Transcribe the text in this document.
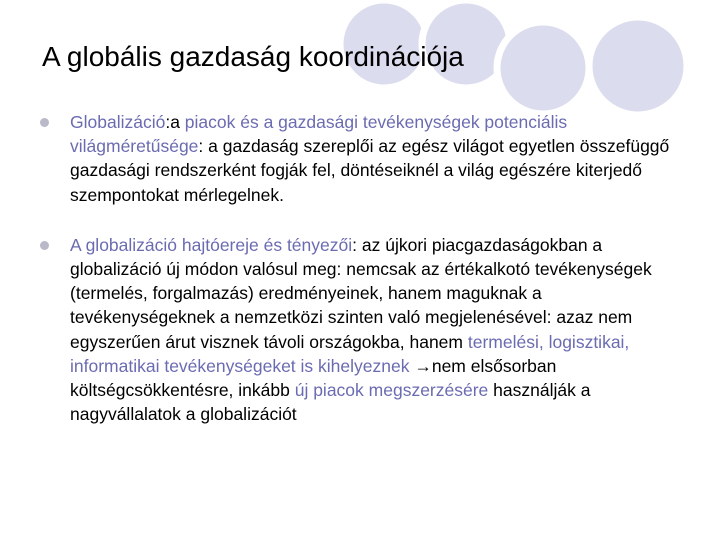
A globális gazdaság koordinációja
Globalizáció:a piacok és a gazdasági tevékenységek potenciális világméretűsége: a gazdaság szereplői az egész világot egyetlen összefüggő gazdasági rendszerként fogják fel, döntéseiknél a világ egészére kiterjedő szempontokat mérlegelnek.
A globalizáció hajtóereje és tényezői: az újkori piacgazdaságokban a globalizáció új módon valósul meg: nemcsak az értékalkotó tevékenységek (termelés, forgalmazás) eredményeinek, hanem maguknak a tevékenységeknek a nemzetközi szinten való megjelenésével: azaz nem egyszerűen árut visznek távoli országokba, hanem termelési, logisztikai, informatikai tevékenységeket is kihelyeznek →nem elsősorban költségcsökkentésre, inkább új piacok megszerzésére használják a nagyvállalatok a globalizációt
